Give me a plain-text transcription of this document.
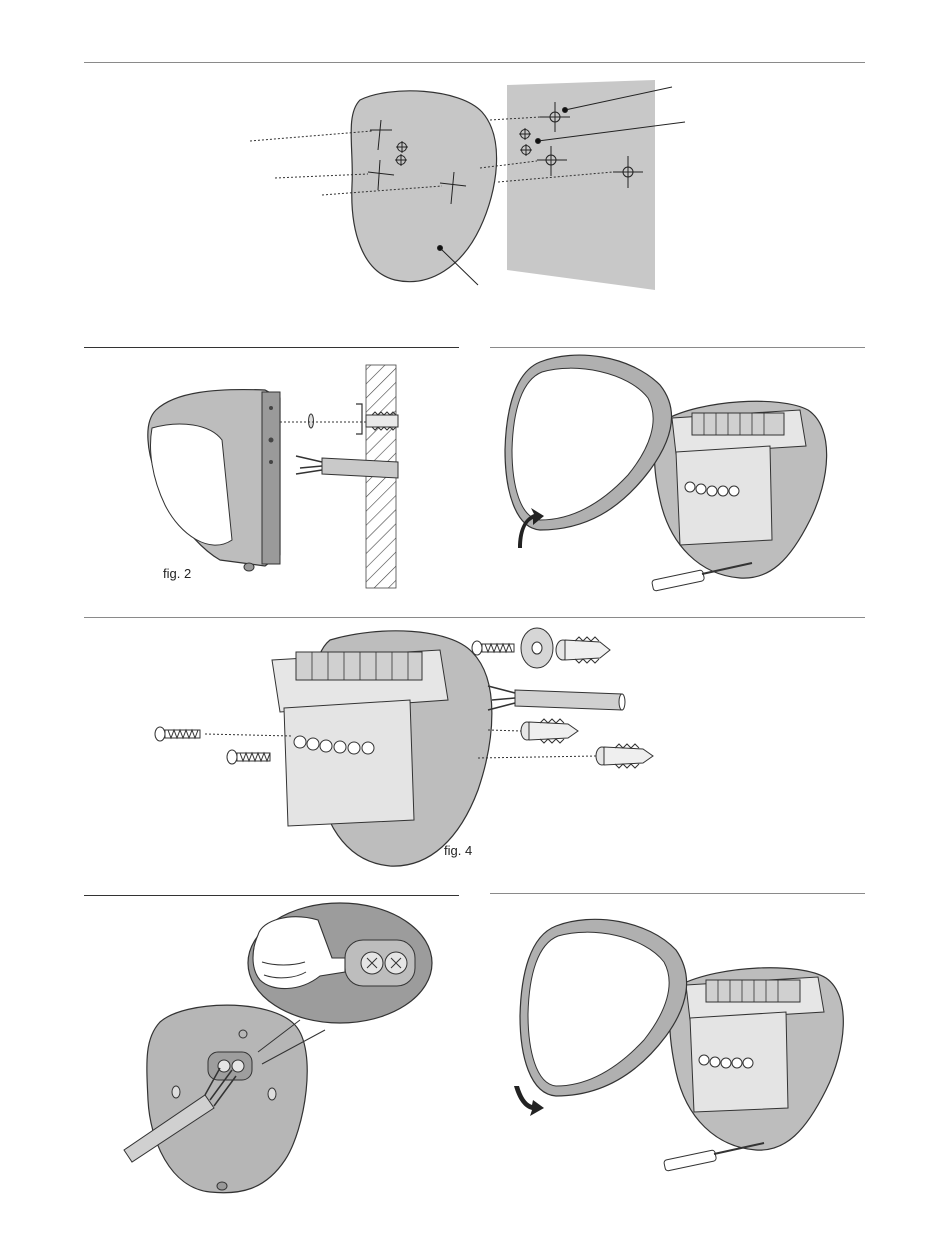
fig. 2
fig. 4
